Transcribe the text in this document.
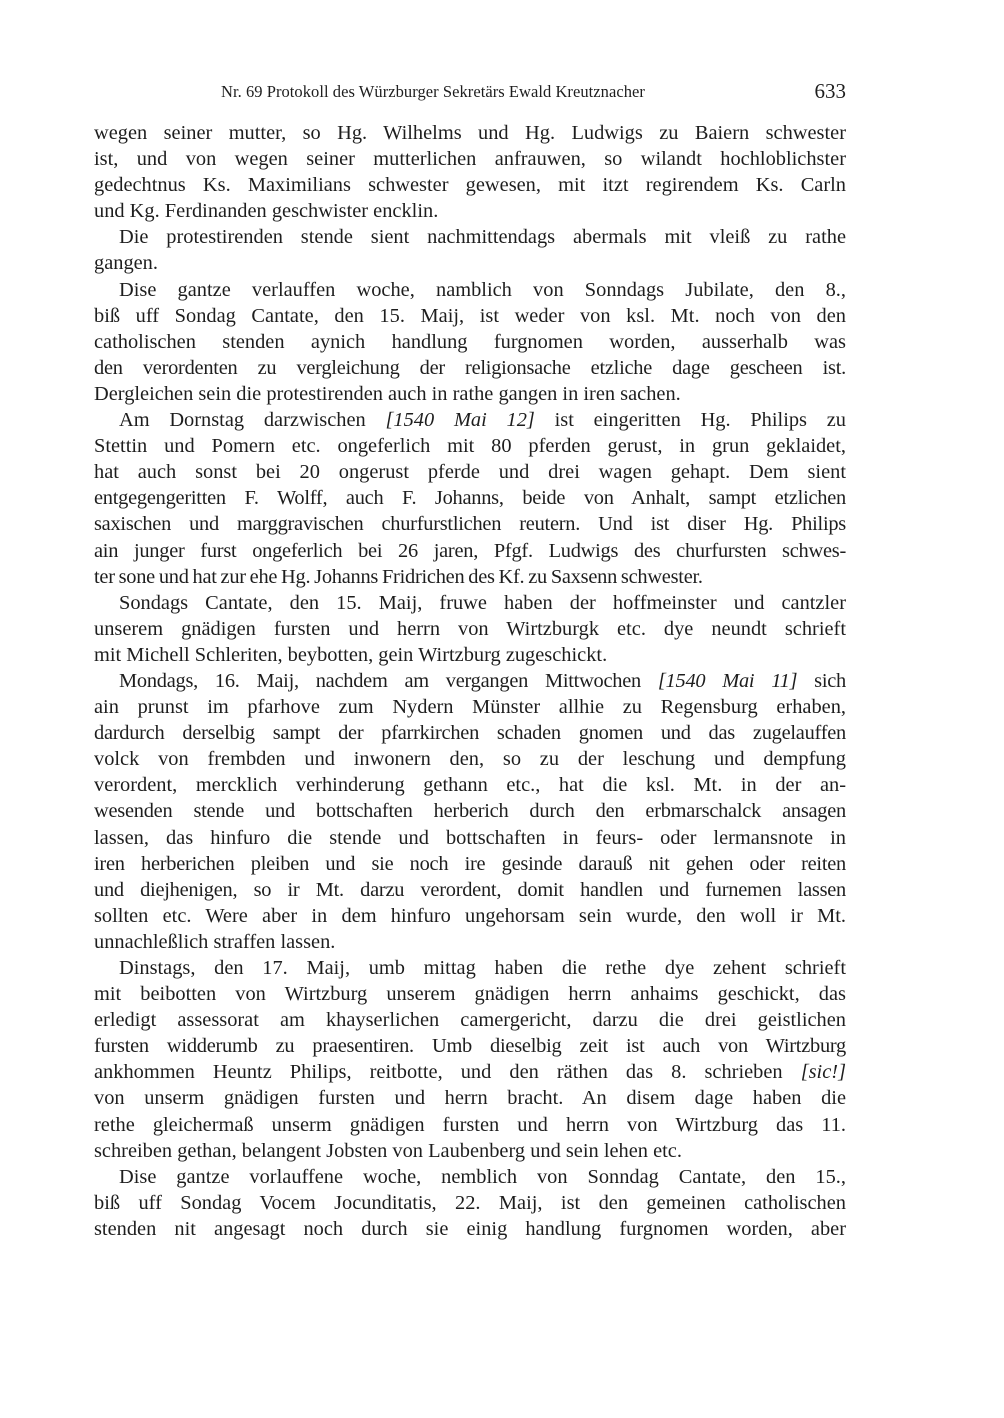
Nr. 69 Protokoll des Würzburger Sekretärs Ewald Kreutznacher	633
wegen seiner mutter, so Hg. Wilhelms und Hg. Ludwigs zu Baiern schwester
ist, und von wegen seiner mutterlichen anfrauwen, so wilandt hochloblichster
gedechtnus Ks. Maximilians schwester gewesen, mit itzt regirendem Ks. Carln
und Kg. Ferdinanden geschwister encklin.
Die protestirenden stende sient nachmittendags abermals mit vleiß zu rathe
gangen.
Dise gantze verlauffen woche, namblich von Sonndags Jubilate, den 8.,
biß uff Sondag Cantate, den 15. Maij, ist weder von ksl. Mt. noch von den
catholischen stenden aynich handlung furgnomen worden, ausserhalb was
den verordenten zu vergleichung der religionsache etzliche dage gescheen ist.
Dergleichen sein die protestirenden auch in rathe gangen in iren sachen.
Am Dornstag darzwischen [1540 Mai 12] ist eingeritten Hg. Philips zu
Stettin und Pomern etc. ongeferlich mit 80 pferden gerust, in grun geklaidet,
hat auch sonst bei 20 ongerust pferde und drei wagen gehapt. Dem sient
entgegengeritten F. Wolff, auch F. Johanns, beide von Anhalt, sampt etzlichen
saxischen und marggravischen churfurstlichen reutern. Und ist diser Hg. Philips
ain junger furst ongeferlich bei 26 jaren, Pfgf. Ludwigs des churfursten schwes-
ter sone und hat zur ehe Hg. Johanns Fridrichen des Kf. zu Saxsenn schwester.
Sondags Cantate, den 15. Maij, fruwe haben der hoffmeinster und cantzler
unserem gnädigen fursten und herrn von Wirtzburgk etc. dye neundt schrieft
mit Michell Schleriten, beybotten, gein Wirtzburg zugeschickt.
Mondags, 16. Maij, nachdem am vergangen Mittwochen [1540 Mai 11] sich
ain prunst im pfarhove zum Nydern Münster allhie zu Regensburg erhaben,
dardurch derselbig sampt der pfarrkirchen schaden gnomen und das zugelauffen
volck von frembden und inwonern den, so zu der leschung und dempfung
verordent, mercklich verhinderung gethann etc., hat die ksl. Mt. in der an-
wesenden stende und bottschaften herberich durch den erbmarschalck ansagen
lassen, das hinfuro die stende und bottschaften in feurs- oder lermansnote in
iren herberichen pleiben und sie noch ire gesinde darauß nit gehen oder reiten
und diejhenigen, so ir Mt. darzu verordent, domit handlen und furnemen lassen
sollten etc. Were aber in dem hinfuro ungehorsam sein wurde, den woll ir Mt.
unnachleßlich straffen lassen.
Dinstags, den 17. Maij, umb mittag haben die rethe dye zehent schrieft
mit beibotten von Wirtzburg unserem gnädigen herrn anhaims geschickt, das
erledigt assessorat am khayserlichen camergericht, darzu die drei geistlichen
fursten widderumb zu praesentiren. Umb dieselbig zeit ist auch von Wirtzburg
ankhommen Heuntz Philips, reitbotte, und den räthen das 8. schrieben [sic!]
von unserm gnädigen fursten und herrn bracht. An disem dage haben die
rethe gleichermaß unserm gnädigen fursten und herrn von Wirtzburg das 11.
schreiben gethan, belangent Jobsten von Laubenberg und sein lehen etc.
Dise gantze vorlauffene woche, nemblich von Sonndag Cantate, den 15.,
biß uff Sondag Vocem Jocunditatis, 22. Maij, ist den gemeinen catholischen
stenden nit angesagt noch durch sie einig handlung furgnomen worden, aber
